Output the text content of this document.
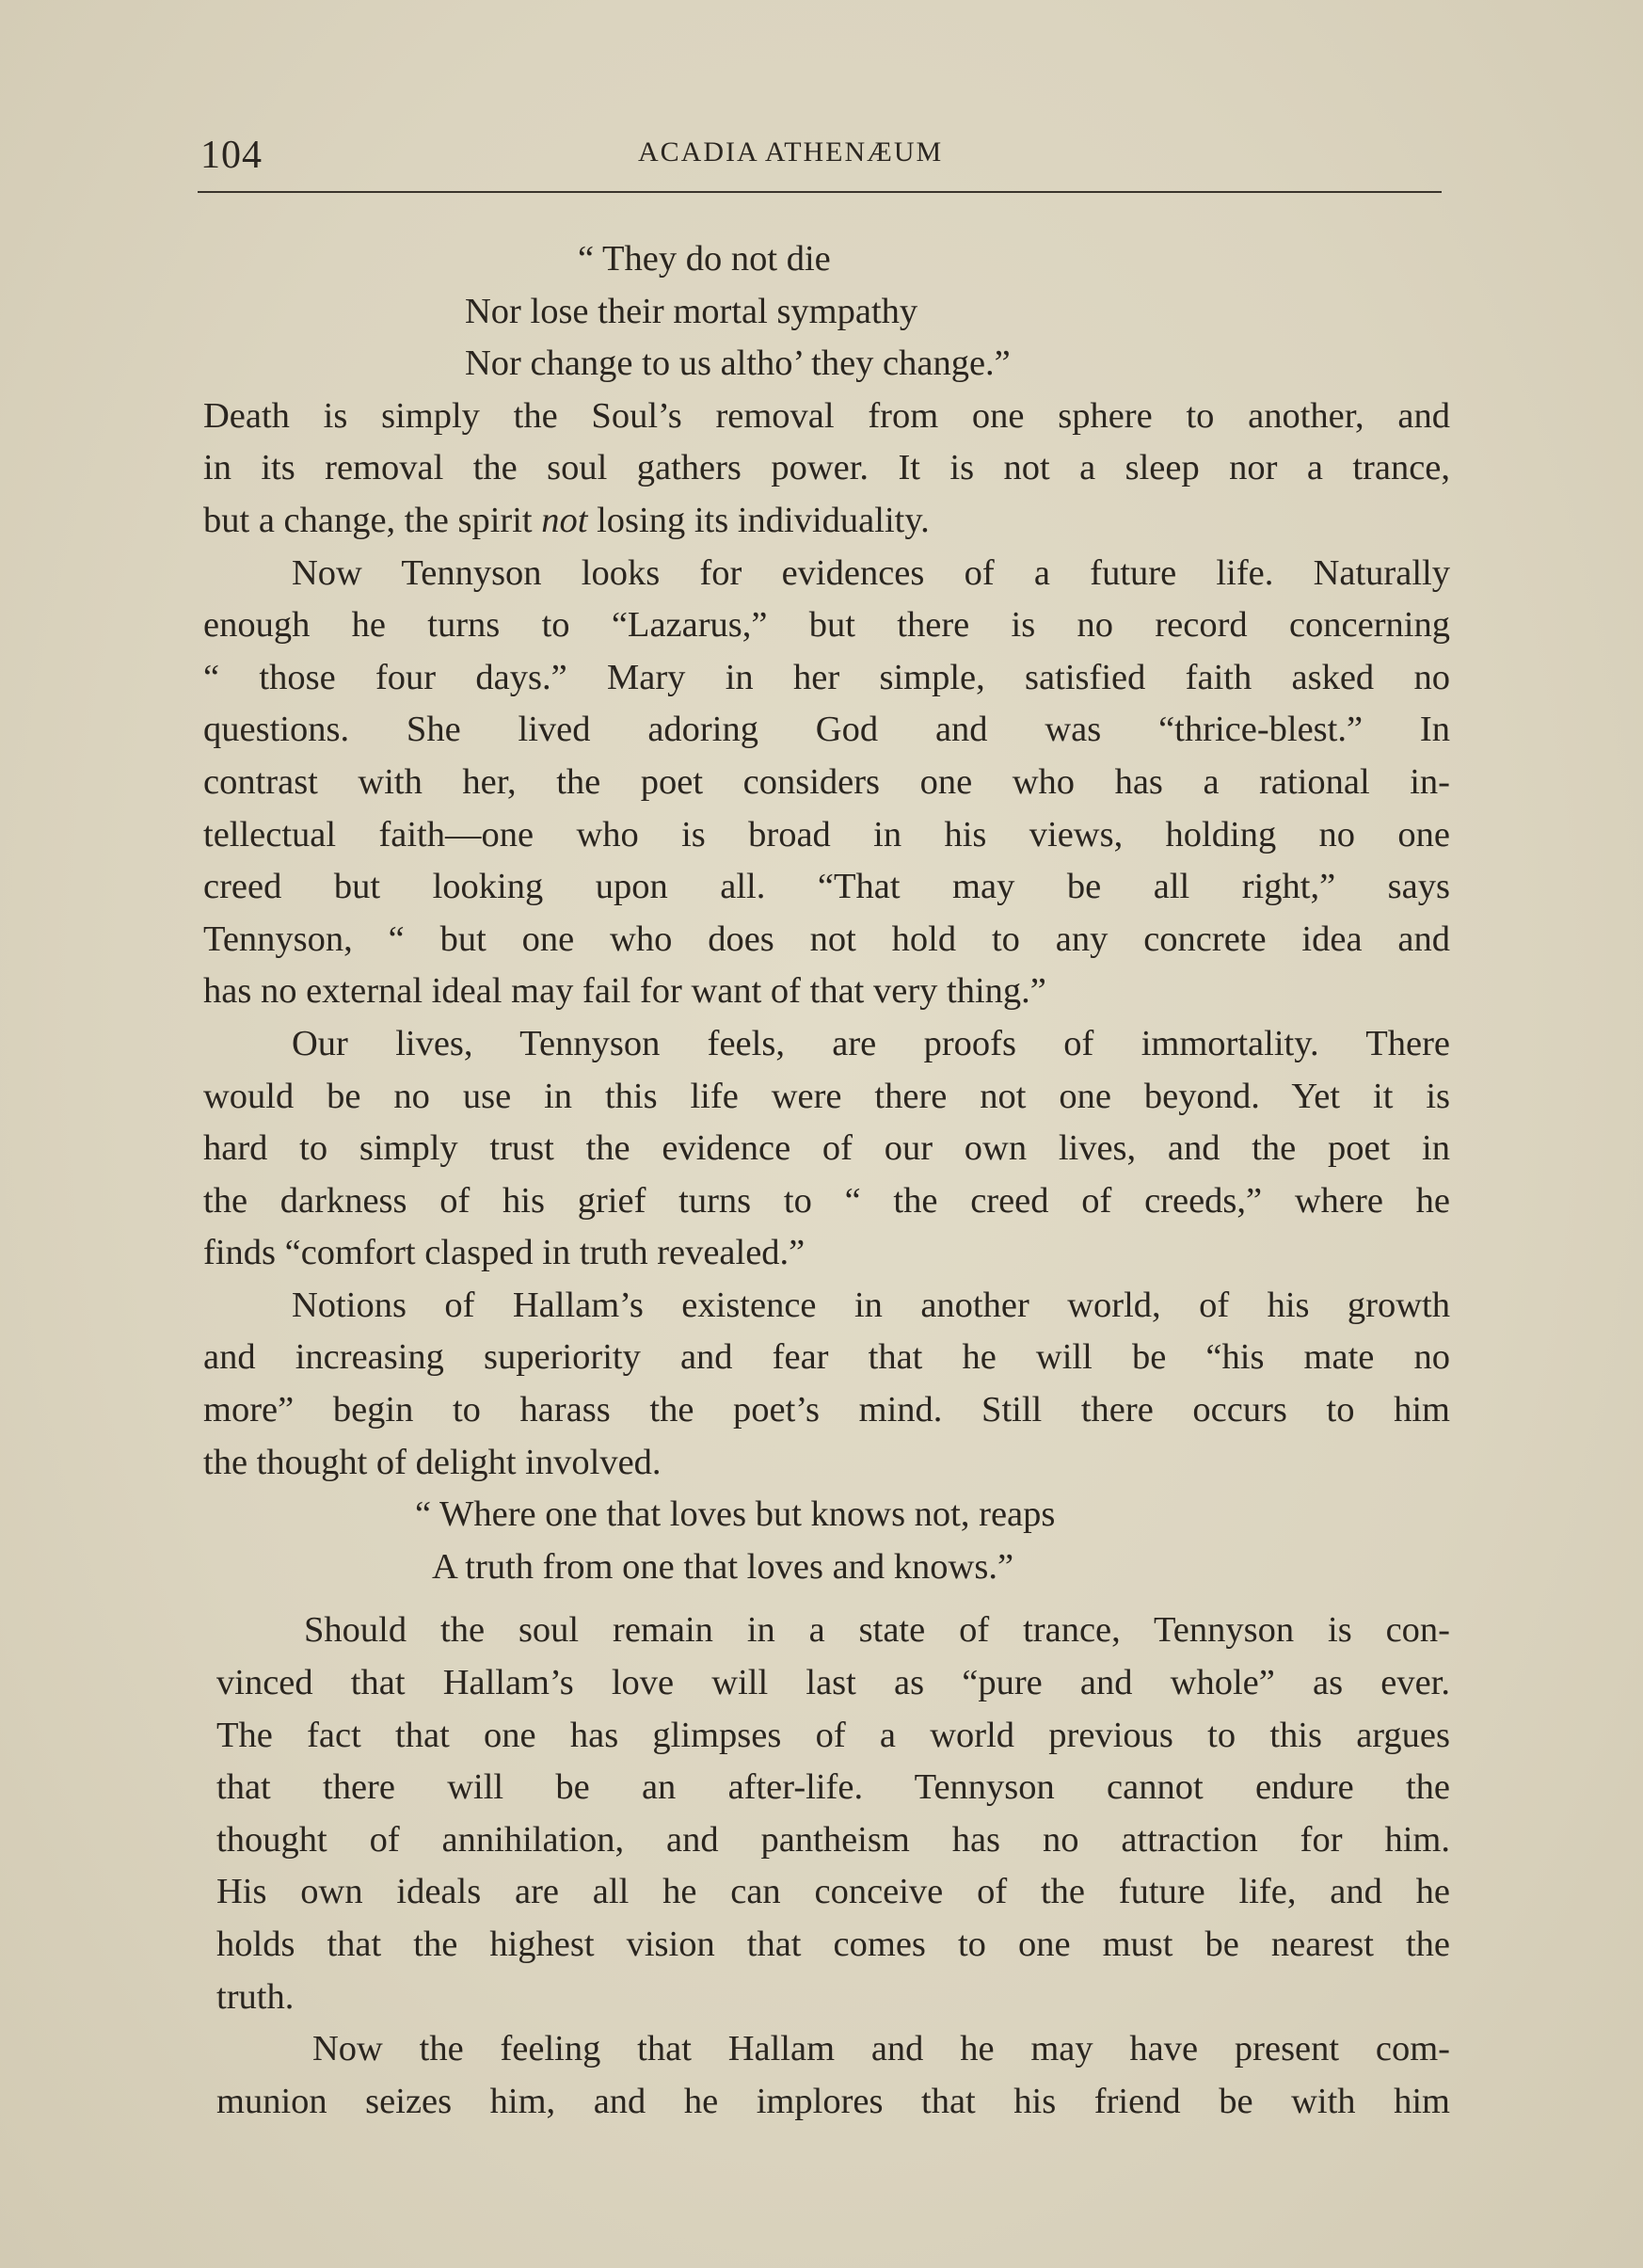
104	ACADIA ATHENÆUM
“ They do not die
Nor lose their mortal sympathy
Nor change to us altho’ they change.”
Death is simply the Soul’s removal from one sphere to another, and
in its removal the soul gathers power. It is not a sleep nor a trance,
but a change, the spirit not losing its individuality.
Now Tennyson looks for evidences of a future life. Naturally
enough he turns to “Lazarus,” but there is no record concerning
“ those four days.” Mary in her simple, satisfied faith asked no
questions. She lived adoring God and was “thrice-blest.” In
contrast with her, the poet considers one who has a rational in-
tellectual faith—one who is broad in his views, holding no one
creed but looking upon all. “That may be all right,” says
Tennyson, “ but one who does not hold to any concrete idea and
has no external ideal may fail for want of that very thing.”
Our lives, Tennyson feels, are proofs of immortality. There
would be no use in this life were there not one beyond. Yet it is
hard to simply trust the evidence of our own lives, and the poet in
the darkness of his grief turns to “ the creed of creeds,” where he
finds “comfort clasped in truth revealed.”
Notions of Hallam’s existence in another world, of his growth
and increasing superiority and fear that he will be “his mate no
more” begin to harass the poet’s mind. Still there occurs to him
the thought of delight involved.
“ Where one that loves but knows not, reaps
A truth from one that loves and knows.”
Should the soul remain in a state of trance, Tennyson is con-
vinced that Hallam’s love will last as “pure and whole” as ever.
The fact that one has glimpses of a world previous to this argues
that there will be an after-life. Tennyson cannot endure the
thought of annihilation, and pantheism has no attraction for him.
His own ideals are all he can conceive of the future life, and he
holds that the highest vision that comes to one must be nearest the
truth.
Now the feeling that Hallam and he may have present com-
munion seizes him, and he implores that his friend be with him
